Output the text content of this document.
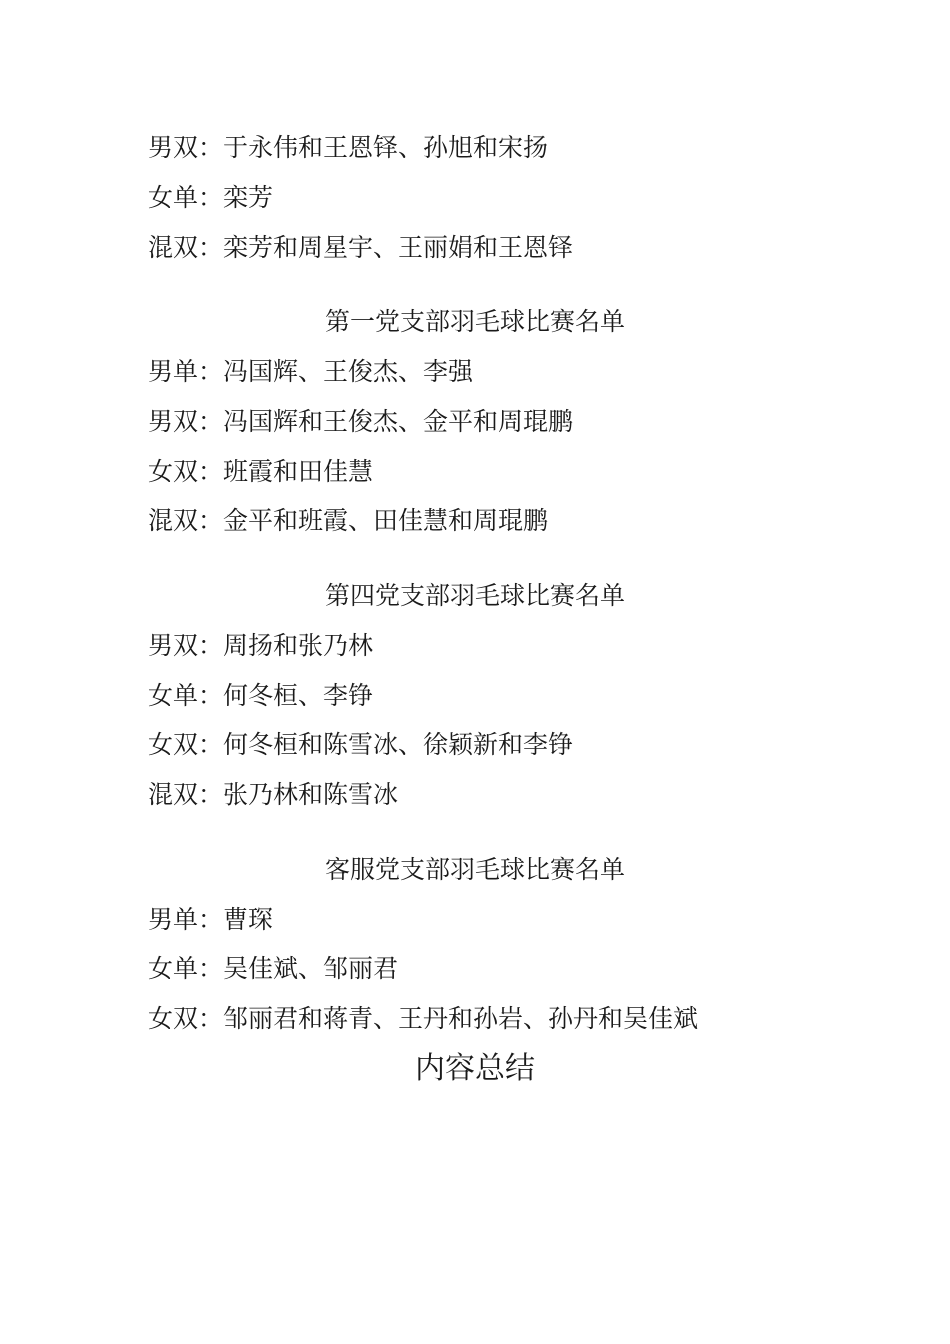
男双：于永伟和王恩铎、孙旭和宋扬
女单：栾芳
混双：栾芳和周星宇、王丽娟和王恩铎
第一党支部羽毛球比赛名单
男单：冯国辉、王俊杰、李强
男双：冯国辉和王俊杰、金平和周琨鹏
女双：班霞和田佳慧
混双：金平和班霞、田佳慧和周琨鹏
第四党支部羽毛球比赛名单
男双：周扬和张乃林
女单：何冬桓、李铮
女双：何冬桓和陈雪冰、徐颖新和李铮
混双：张乃林和陈雪冰
客服党支部羽毛球比赛名单
男单：曹琛
女单：吴佳斌、邹丽君
女双：邹丽君和蒋青、王丹和孙岩、孙丹和吴佳斌
内容总结
